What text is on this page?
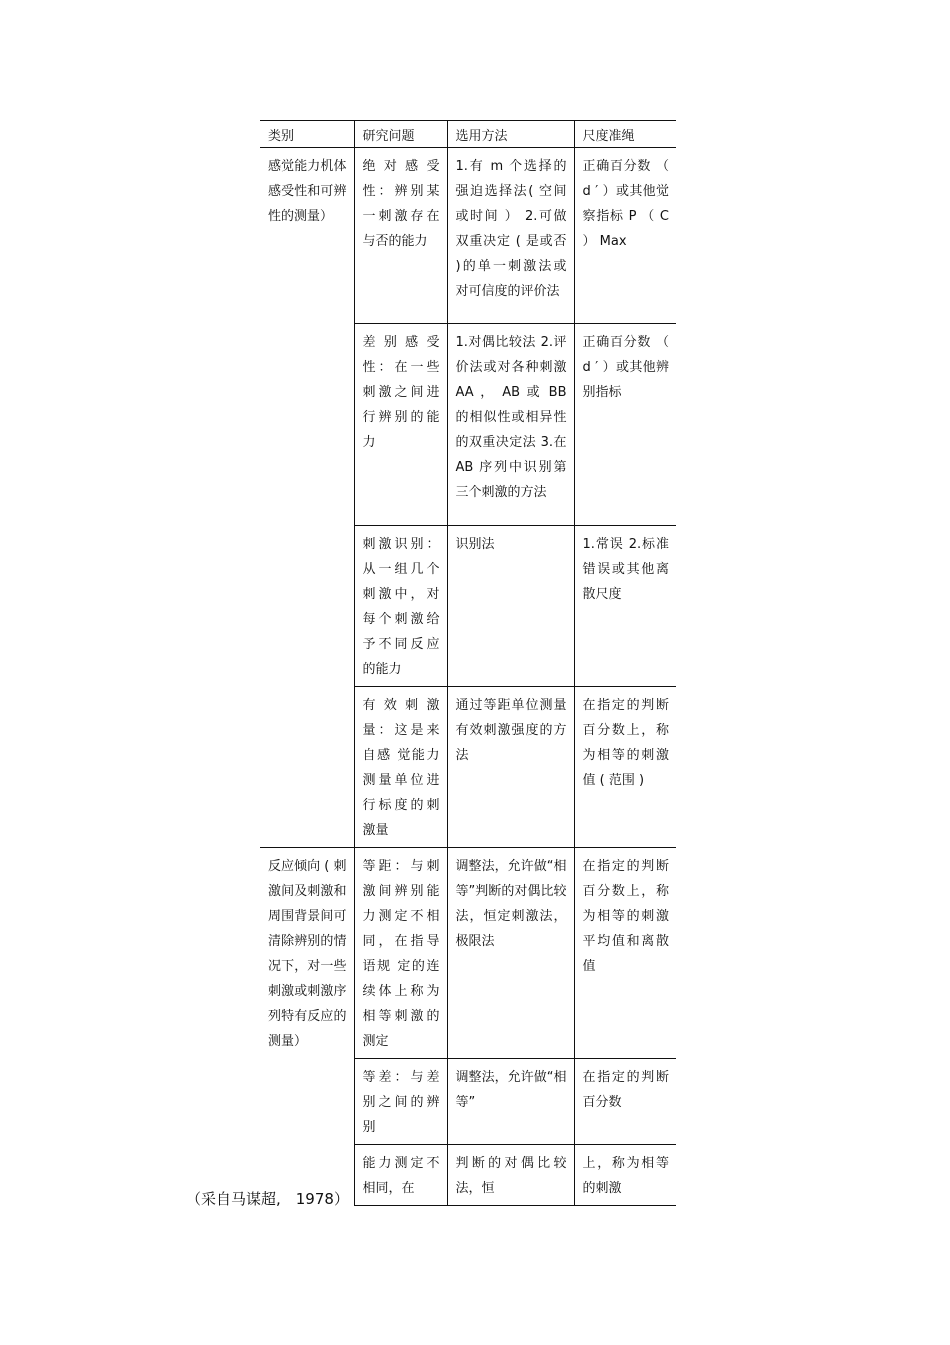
类别	研究问题	选用方法	尺度准绳
感觉能力机体感受性和可辨性的测量）	绝对感受性：辨别某一刺激存在与否的能力	1.有 m 个选择的强迫选择法( 空间或时间 ） 2.可做双重决定 ( 是或否 )的单一刺激法或 对可信度的评价法	正确百分数 （ d ′ ）或其他觉察指标 P （ C ） Max
	差别感受性：在一些刺激之间进行辨别的能力	1.对偶比较法 2.评价法或对各种刺激 AA ， AB 或 BB 的相似性或相异性的双重决定法 3.在 AB 序列中识别第三个刺激的方法	正确百分数 （ d ′ ）或其他辨别指标
	刺激识别：从一组几个刺激中，对每个刺激给予不同反应的能力	识别法	1.常误 2.标准错误或其他离散尺度
	有效刺激量：这是来自感 觉能力测量单位进行标度的刺激量	通过等距单位测量有效刺激强度的方法	在指定的判断百分数上，称为相等的刺激值 ( 范围 )
反应倾向 ( 刺激间及刺激和周围背景间可清除辨别的情况下，对一些刺激或刺激序列特有反应的测量）	等距：与刺激间辨别能力测定不相同，在指导语规 定的连续体上称为相等刺激的测定	调整法，允许做“相等”判断的对偶比较法，恒定刺激法，极限法	在指定的判断百分数上，称为相等的刺激 平均值和离散值
	等差：与差别之间的辨别	调整法，允许做“相等”	在指定的判断百分数
	能力测定不相同，在	判断的对偶比较法，恒	上，称为相等的刺激
（采自马谋超,　1978）
